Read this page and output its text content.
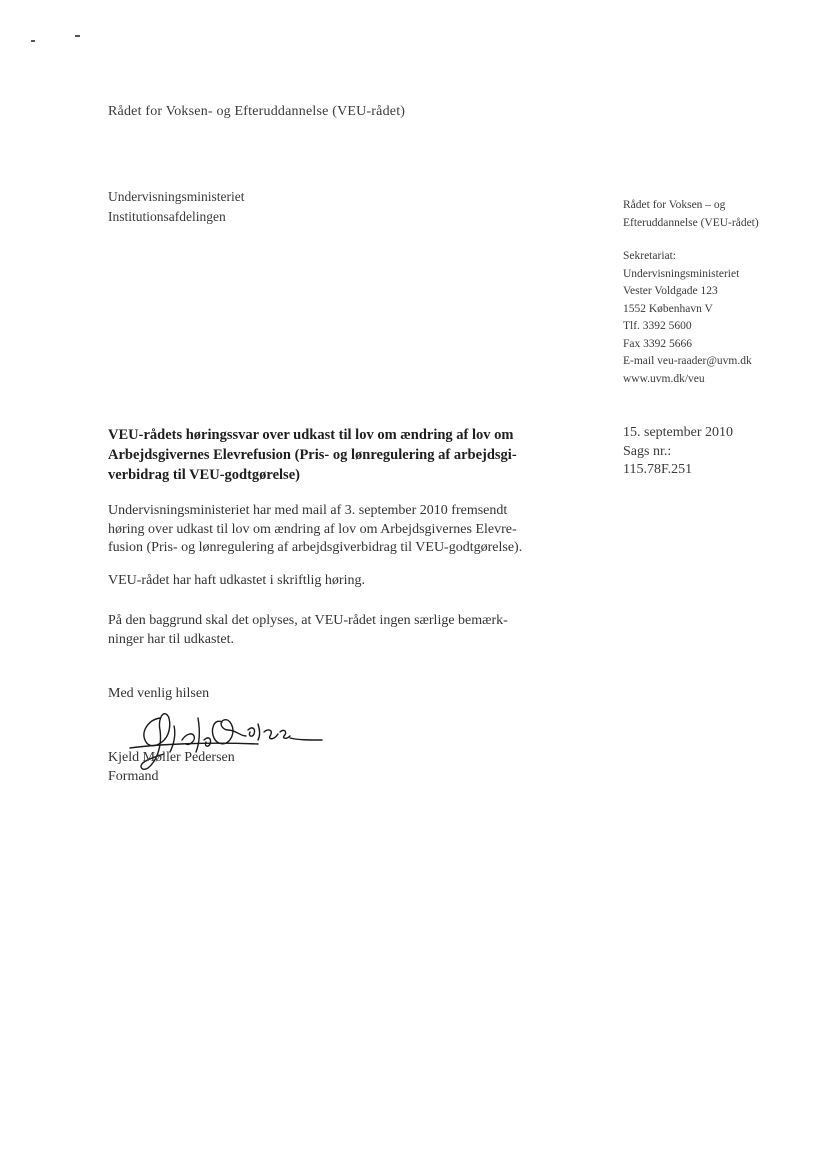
Rådet for Voksen- og Efteruddannelse (VEU-rådet)
Undervisningsministeriet
Institutionsafdelingen
Rådet for Voksen – og
Efteruddannelse (VEU-rådet)
Sekretariat:
Undervisningsministeriet
Vester Voldgade 123
1552 København V
Tlf. 3392 5600
Fax 3392 5666
E-mail veu-raader@uvm.dk
www.uvm.dk/veu
15. september 2010
Sags nr.:
115.78F.251
VEU-rådets høringssvar over udkast til lov om ændring af lov om
Arbejdsgivernes Elevrefusion (Pris- og lønregulering af arbejdsgi-
verbidrag til VEU-godtgørelse)
Undervisningsministeriet har med mail af 3. september 2010 fremsendt
høring over udkast til lov om ændring af lov om Arbejdsgivernes Elevre-
fusion (Pris- og lønregulering af arbejdsgiverbidrag til VEU-godtgørelse).
VEU-rådet har haft udkastet i skriftlig høring.
På den baggrund skal det oplyses, at VEU-rådet ingen særlige bemærk-
ninger har til udkastet.
Med venlig hilsen
Kjeld Møller Pedersen
Formand
